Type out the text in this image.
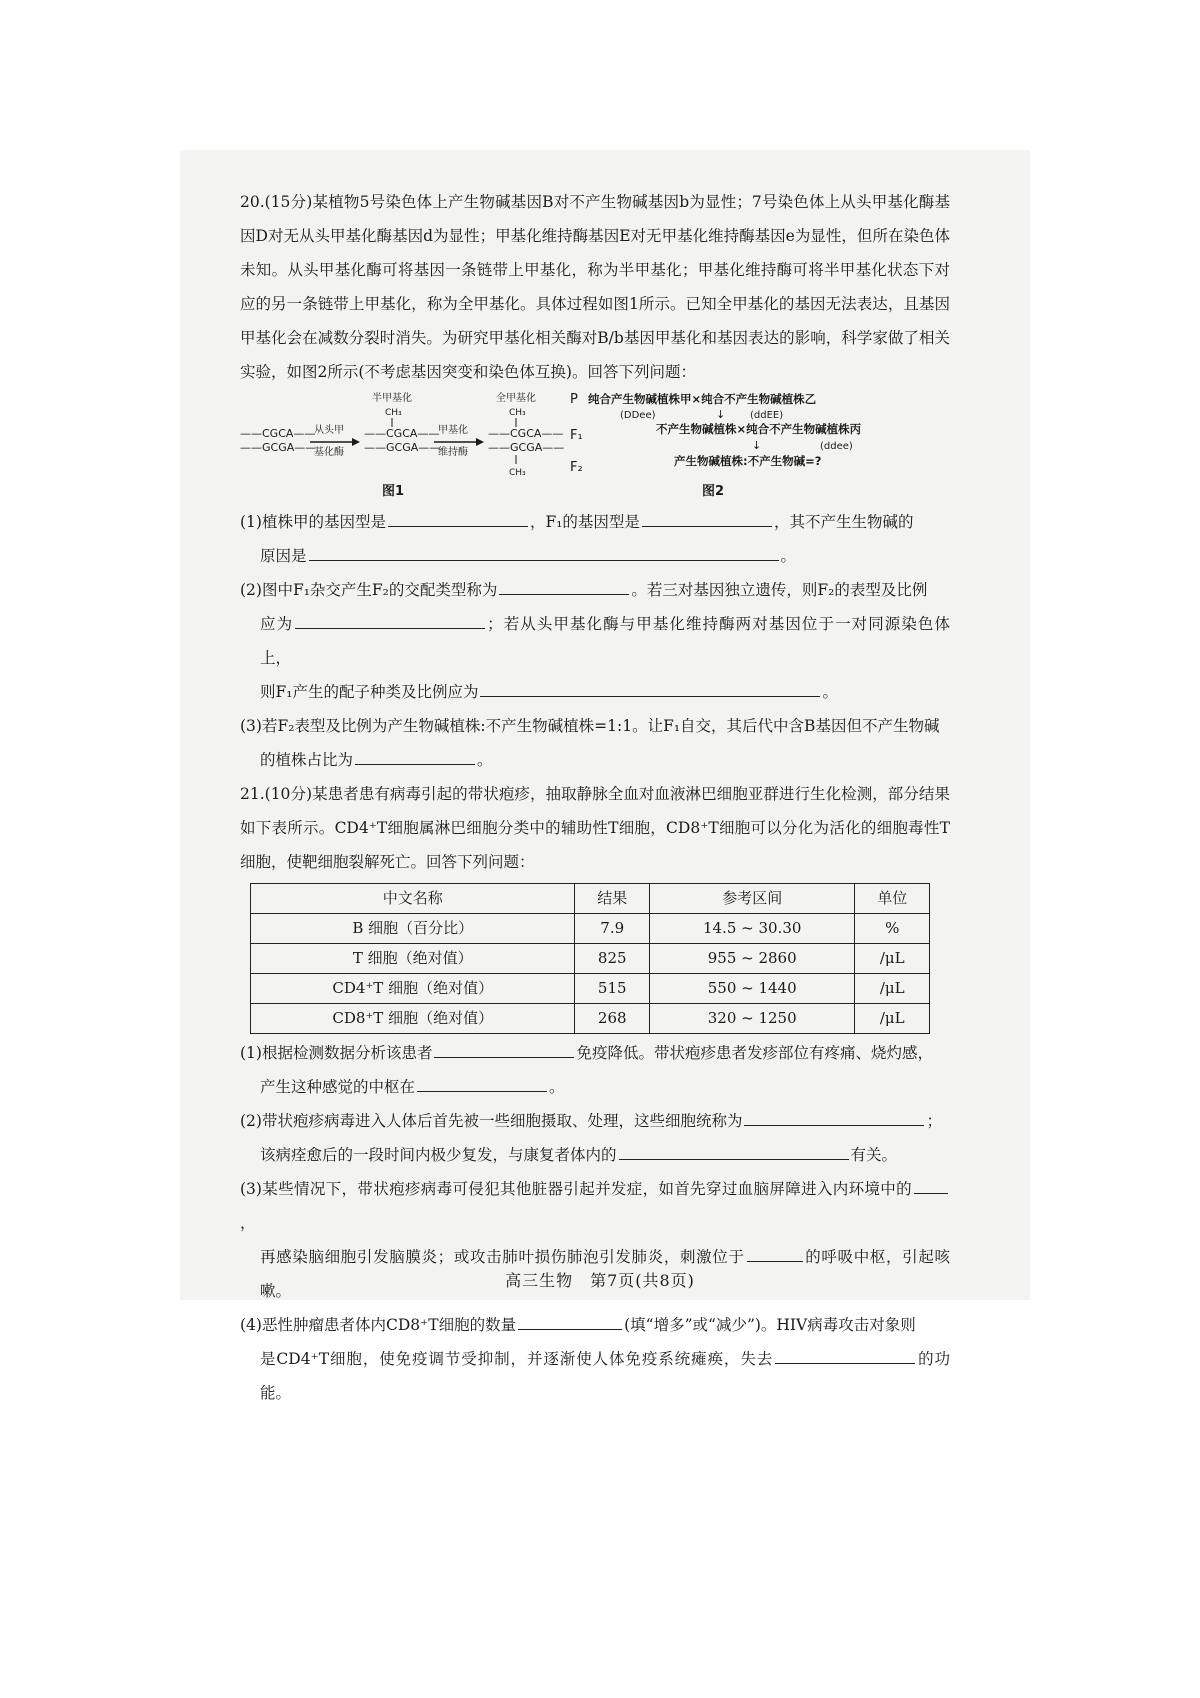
20.(15分)某植物5号染色体上产生物碱基因B对不产生物碱基因b为显性；7号染色体上从头甲基化酶基因D对无从头甲基化酶基因d为显性；甲基化维持酶基因E对无甲基化维持酶基因e为显性，但所在染色体未知。从头甲基化酶可将基因一条链带上甲基化，称为半甲基化；甲基化维持酶可将半甲基化状态下对应的另一条链带上甲基化，称为全甲基化。具体过程如图1所示。已知全甲基化的基因无法表达，且基因甲基化会在减数分裂时消失。为研究甲基化相关酶对B/b基因甲基化和基因表达的影响，科学家做了相关实验，如图2所示(不考虑基因突变和染色体互换)。回答下列问题：

——CGCA——
——GCGA——
从头甲
基化酶
半甲基化
CH₃
——CGCA——
——GCGA——
甲基化
维持酶
全甲基化
CH₃
——CGCA——
——GCGA——
CH₃
图1
P 纯合产生物碱植株甲×纯合不产生物碱植株乙
(DDee)	↓ (ddEE)
F₁	不产生物碱植株×纯合不产生物碱植株丙
↓	(ddee)
F₂	产生物碱植株:不产生物碱=?
图2

(1)植株甲的基因型是	，F₁的基因型是	，其不产生生物碱的

原因是	。

(2)图中F₁杂交产生F₂的交配类型称为	。若三对基因独立遗传，则F₂的表型及比例

应为	；若从头甲基化酶与甲基化维持酶两对基因位于一对同源染色体上，

则F₁产生的配子种类及比例应为	。

(3)若F₂表型及比例为产生物碱植株:不产生物碱植株=1:1。让F₁自交，其后代中含B基因但不产生物碱

的植株占比为	。

21.(10分)某患者患有病毒引起的带状疱疹，抽取静脉全血对血液淋巴细胞亚群进行生化检测，部分结果如下表所示。CD4⁺T细胞属淋巴细胞分类中的辅助性T细胞，CD8⁺T细胞可以分化为活化的细胞毒性T细胞，使靶细胞裂解死亡。回答下列问题：

中文名称	结果	参考区间	单位
B 细胞（百分比）	7.9	14.5 ~ 30.30	%
T 细胞（绝对值）	825	955 ~ 2860	/μL
CD4⁺T 细胞（绝对值）	515	550 ~ 1440	/μL
CD8⁺T 细胞（绝对值）	268	320 ~ 1250	/μL

(1)根据检测数据分析该患者	免疫降低。带状疱疹患者发疹部位有疼痛、烧灼感，

产生这种感觉的中枢在	。

(2)带状疱疹病毒进入人体后首先被一些细胞摄取、处理，这些细胞统称为	；

该病痊愈后的一段时间内极少复发，与康复者体内的	有关。

(3)某些情况下，带状疱疹病毒可侵犯其他脏器引起并发症，如首先穿过血脑屏障进入内环境中的，

再感染脑细胞引发脑膜炎；或攻击肺叶损伤肺泡引发肺炎，刺激位于	的呼吸中枢，引起咳嗽。

(4)恶性肿瘤患者体内CD8⁺T细胞的数量	(填“增多”或“减少”)。HIV病毒攻击对象则

是CD4⁺T细胞，使免疫调节受抑制，并逐渐使人体免疫系统瘫痪，失去	的功能。

高三生物　第7页(共8页)
